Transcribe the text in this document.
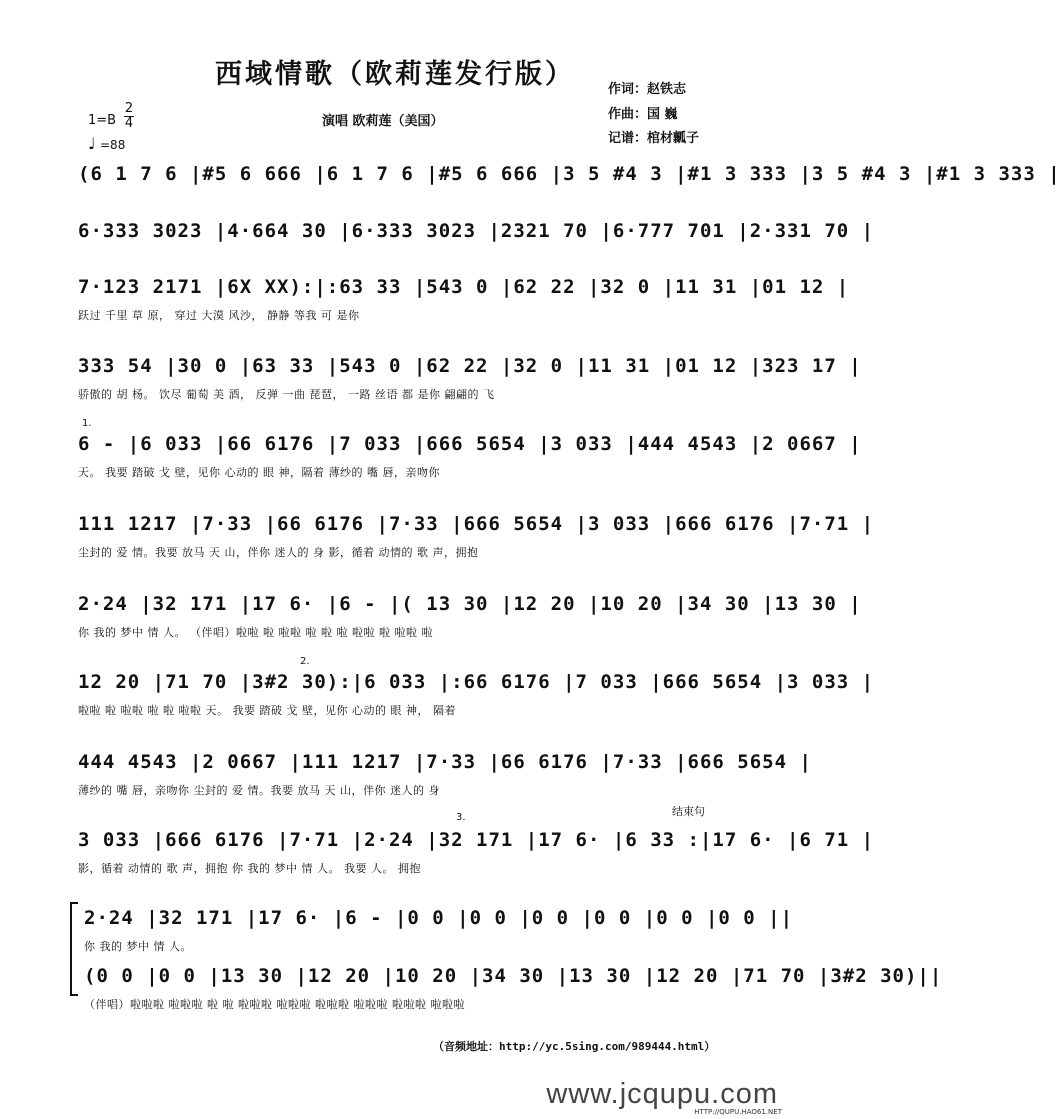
西域情歌（欧莉莲发行版）	作词：赵铁志
作曲：国 巍
记谱：棺材瓤子
1=B
2
4
♩ =88
演唱 欧莉莲（美国）
(6 1 7 6 |#5 6 666 |6 1 7 6 |#5 6 666 |3 5 #4 3 |#1 3 333 |3 5 #4 3 |#1 3 333 |
6·333 3023 |4·664 30 |6·333 3023 |2321 70 |6·777 701 |2·331 70 |
7·123 2171 |6X XX):|:63 33 |543 0 |62 22 |32 0 |11 31 |01 12 |
跃过 千里 草 原， 穿过 大漠 风沙， 静静 等我 可 是你
333 54 |30 0 |63 33 |543 0 |62 22 |32 0 |11 31 |01 12 |323 17 |
骄傲的 胡 杨。 饮尽 葡萄 美 酒， 反弹 一曲 琵琶， 一路 丝语 都 是你 翩翩的 飞
6 - |6 033 |66 6176 |7 033 |666 5654 |3 033 |444 4543 |2 0667 |
天。 我要 踏破 戈 壁，见你 心动的 眼 神，隔着 薄纱的 嘴 唇，亲吻你
111 1217 |7·33 |66 6176 |7·33 |666 5654 |3 033 |666 6176 |7·71 |
尘封的 爱 情。我要 放马 天 山，伴你 迷人的 身 影，循着 动情的 歌 声，拥抱
2·24 |32 171 |17 6· |6 - |( 13 30 |12 20 |10 20 |34 30 |13 30 |
你 我的 梦中 情 人。 （伴唱）啦啦 啦 啦啦 啦 啦 啦 啦啦 啦 啦啦 啦
12 20 |71 70 |3#2 30):|6 033 |:66 6176 |7 033 |666 5654 |3 033 |
啦啦 啦 啦啦 啦 啦 啦啦 天。 我要 踏破 戈 壁，见你 心动的 眼 神， 隔着
444 4543 |2 0667 |111 1217 |7·33 |66 6176 |7·33 |666 5654 |
薄纱的 嘴 唇，亲吻你 尘封的 爱 情。我要 放马 天 山，伴你 迷人的 身
3 033 |666 6176 |7·71 |2·24 |32 171 |17 6· |6 33 :|17 6· |6 71 |
影，循着 动情的 歌 声，拥抱 你 我的 梦中 情 人。 我要 人。 拥抱
1.
2.
3.	结束句
2·24 |32 171 |17 6· |6 - |0 0 |0 0 |0 0 |0 0 |0 0 |0 0 ||
你 我的 梦中 情 人。
(0 0 |0 0 |13 30 |12 20 |10 20 |34 30 |13 30 |12 20 |71 70 |3#2 30)||
（伴唱）啦啦啦 啦啦啦 啦 啦 啦啦啦 啦啦啦 啦啦啦 啦啦啦 啦啦啦 啦啦啦
（音频地址：http://yc.5sing.com/989444.html）
www.jcqupu.com
HTTP://QUPU.HAO61.NET
